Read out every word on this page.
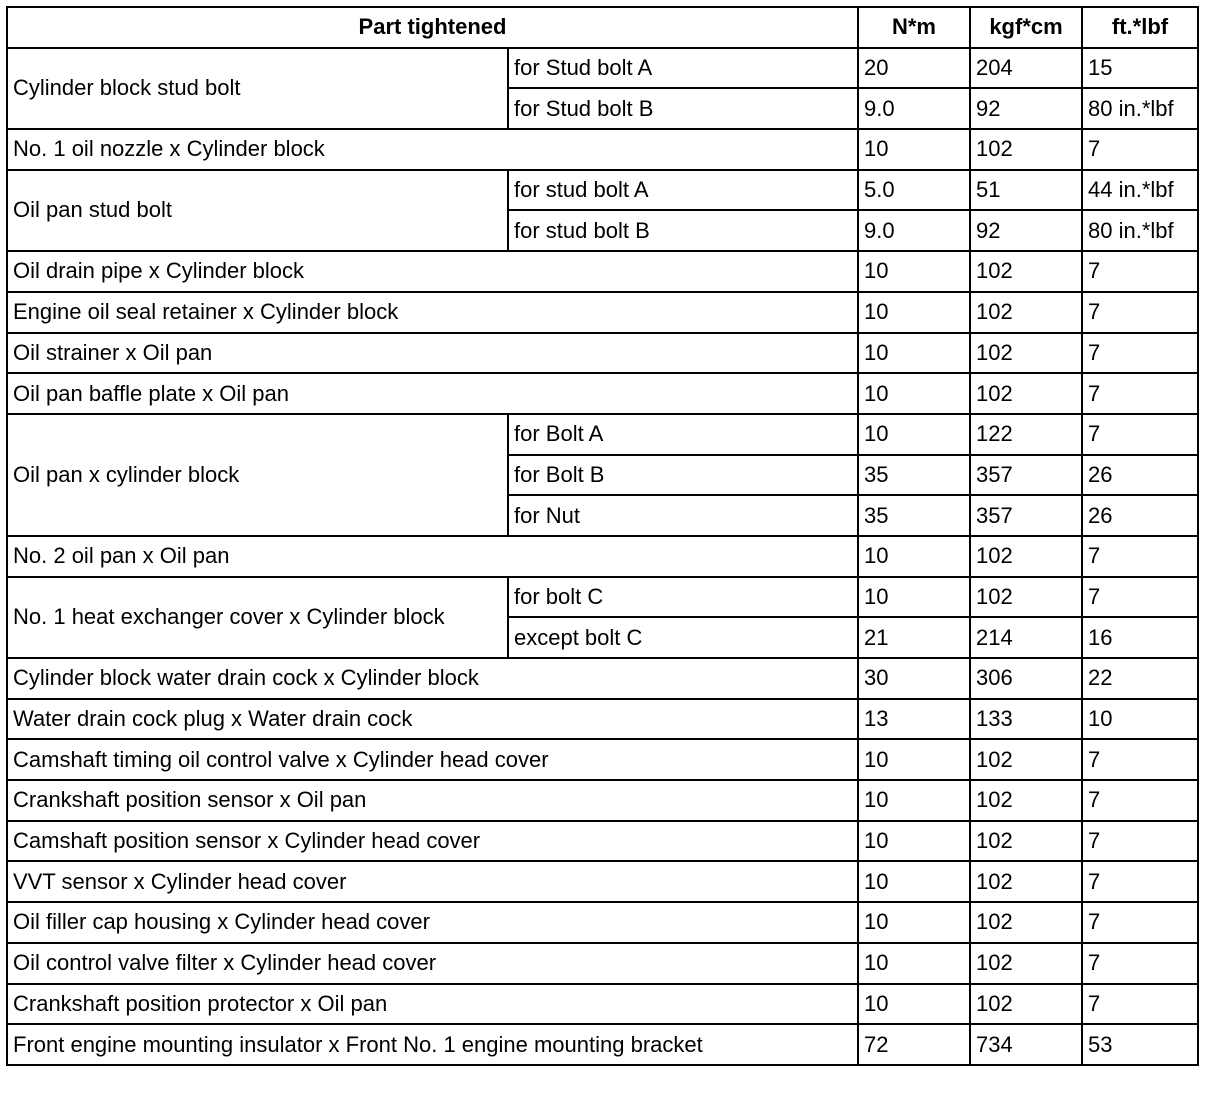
Part tightened		N*m	kgf*cm	ft.*lbf
Cylinder block stud bolt	for Stud bolt A	20	204	15
	for Stud bolt B	9.0	92	80 in.*lbf
No. 1 oil nozzle x Cylinder block		10	102	7
Oil pan stud bolt	for stud bolt A	5.0	51	44 in.*lbf
	for stud bolt B	9.0	92	80 in.*lbf
Oil drain pipe x Cylinder block		10	102	7
Engine oil seal retainer x Cylinder block		10	102	7
Oil strainer x Oil pan		10	102	7
Oil pan baffle plate x Oil pan		10	102	7
Oil pan x cylinder block	for Bolt A	10	122	7
	for Bolt B	35	357	26
	for Nut	35	357	26
No. 2 oil pan x Oil pan		10	102	7
No. 1 heat exchanger cover x Cylinder block	for bolt C	10	102	7
	except bolt C	21	214	16
Cylinder block water drain cock x Cylinder block		30	306	22
Water drain cock plug x Water drain cock		13	133	10
Camshaft timing oil control valve x Cylinder head cover		10	102	7
Crankshaft position sensor x Oil pan		10	102	7
Camshaft position sensor x Cylinder head cover		10	102	7
VVT sensor x Cylinder head cover		10	102	7
Oil filler cap housing x Cylinder head cover		10	102	7
Oil control valve filter x Cylinder head cover		10	102	7
Crankshaft position protector x Oil pan		10	102	7
Front engine mounting insulator x Front No. 1 engine mounting bracket		72	734	53
